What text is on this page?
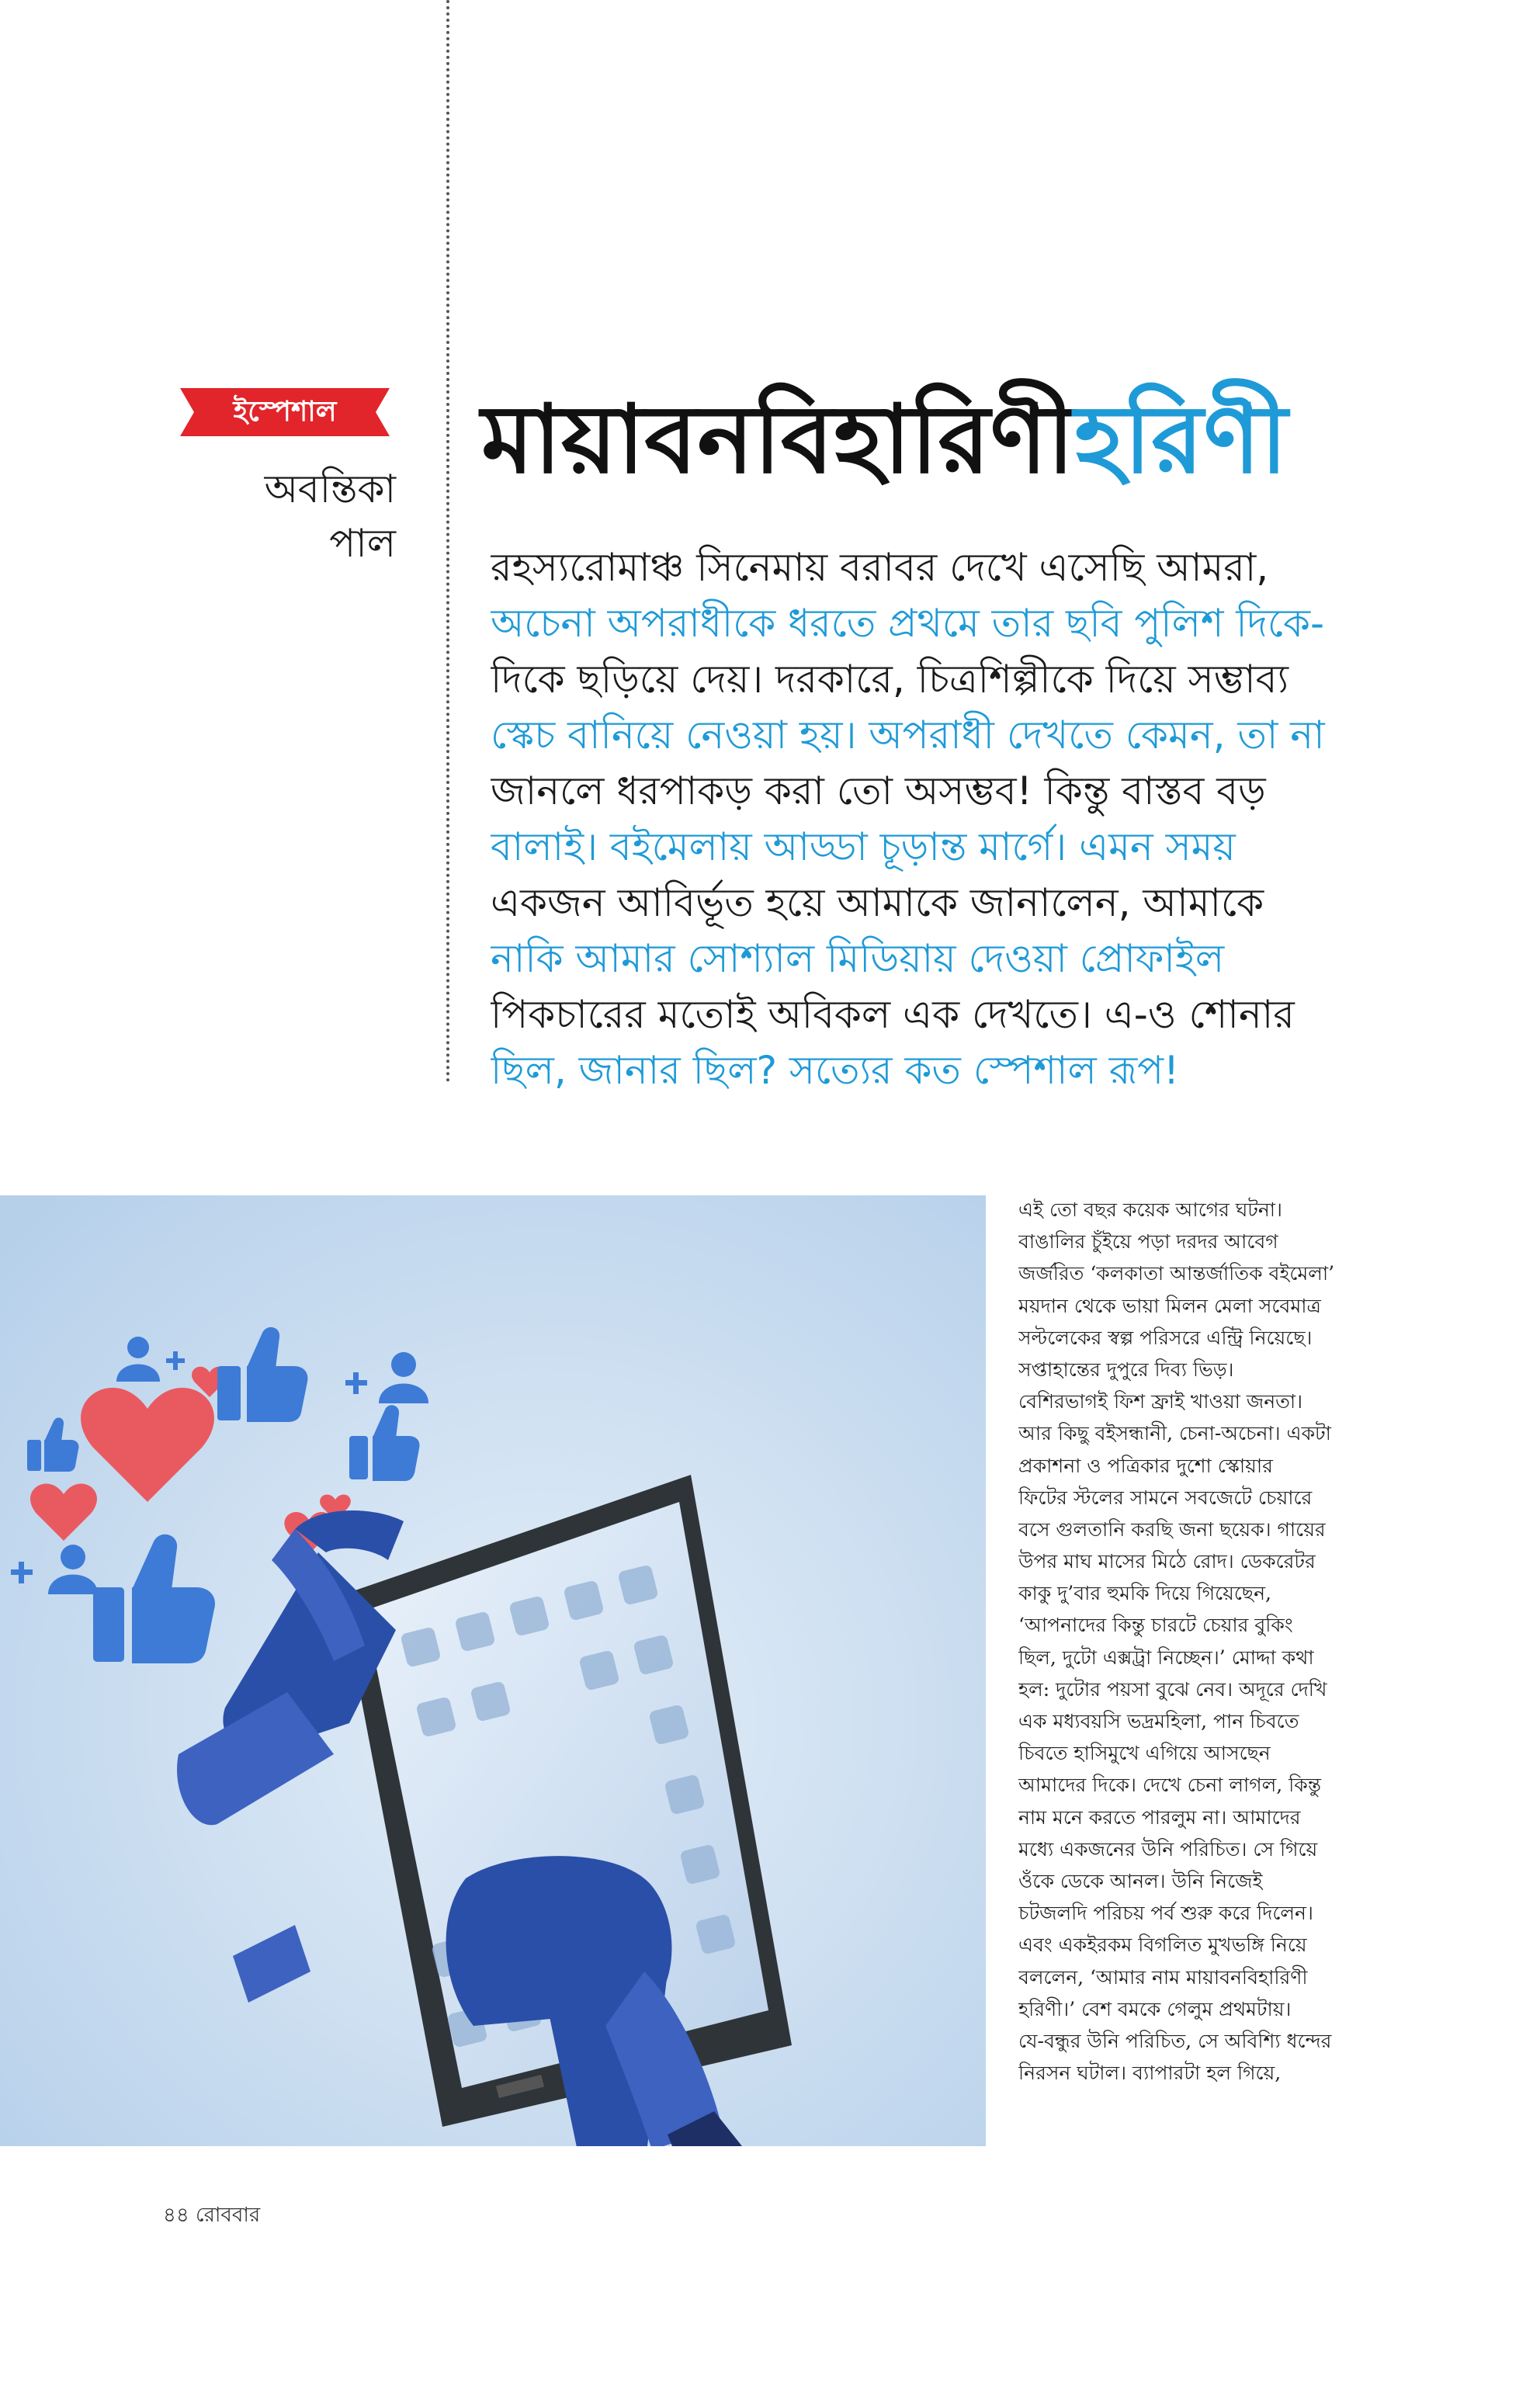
ইস্পেশাল
অবন্তিকা
পাল
মায়াবনবিহারিণীহরিণী
রহস্যরোমাঞ্চ সিনেমায় বরাবর দেখে এসেছি আমরা,
অচেনা অপরাধীকে ধরতে প্রথমে তার ছবি পুলিশ দিকে-
দিকে ছড়িয়ে দেয়। দরকারে, চিত্রশিল্পীকে দিয়ে সম্ভাব্য
স্কেচ বানিয়ে নেওয়া হয়। অপরাধী দেখতে কেমন, তা না
জানলে ধরপাকড় করা তো অসম্ভব! কিন্তু বাস্তব বড়
বালাই। বইমেলায় আড্ডা চূড়ান্ত মার্গে। এমন সময়
একজন আবির্ভূত হয়ে আমাকে জানালেন, আমাকে
নাকি আমার সোশ্যাল মিডিয়ায় দেওয়া প্রোফাইল
পিকচারের মতোই অবিকল এক দেখতে। এ-ও শোনার
ছিল, জানার ছিল? সত্যের কত স্পেশাল রূপ!
এই তো বছর কয়েক আগের ঘটনা।
বাঙালির চুঁইয়ে পড়া দরদর আবেগ
জর্জরিত ‘কলকাতা আন্তর্জাতিক বইমেলা’
ময়দান থেকে ভায়া মিলন মেলা সবেমাত্র
সল্টলেকের স্বল্প পরিসরে এন্ট্রি নিয়েছে।
সপ্তাহান্তের দুপুরে দিব্য ভিড়।
বেশিরভাগই ফিশ ফ্রাই খাওয়া জনতা।
আর কিছু বইসন্ধানী, চেনা-অচেনা। একটা
প্রকাশনা ও পত্রিকার দুশো স্কোয়ার
ফিটের স্টলের সামনে সবজেটে চেয়ারে
বসে গুলতানি করছি জনা ছয়েক। গায়ের
উপর মাঘ মাসের মিঠে রোদ। ডেকরেটর
কাকু দু’বার হুমকি দিয়ে গিয়েছেন,
‘আপনাদের কিন্তু চারটে চেয়ার বুকিং
ছিল, দুটো এক্সট্রা নিচ্ছেন।’ মোদ্দা কথা
হল: দুটোর পয়সা বুঝে নেব। অদূরে দেখি
এক মধ্যবয়সি ভদ্রমহিলা, পান চিবতে
চিবতে হাসিমুখে এগিয়ে আসছেন
আমাদের দিকে। দেখে চেনা লাগল, কিন্তু
নাম মনে করতে পারলুম না। আমাদের
মধ্যে একজনের উনি পরিচিত। সে গিয়ে
ওঁকে ডেকে আনল। উনি নিজেই
চটজলদি পরিচয় পর্ব শুরু করে দিলেন।
এবং একইরকম বিগলিত মুখভঙ্গি নিয়ে
বললেন, ‘আমার নাম মায়াবনবিহারিণী
হরিণী।’ বেশ বমকে গেলুম প্রথমটায়।
যে-বন্ধুর উনি পরিচিত, সে অবিশ্যি ধন্দের
নিরসন ঘটাল। ব্যাপারটা হল গিয়ে,
৪৪ রোববার
